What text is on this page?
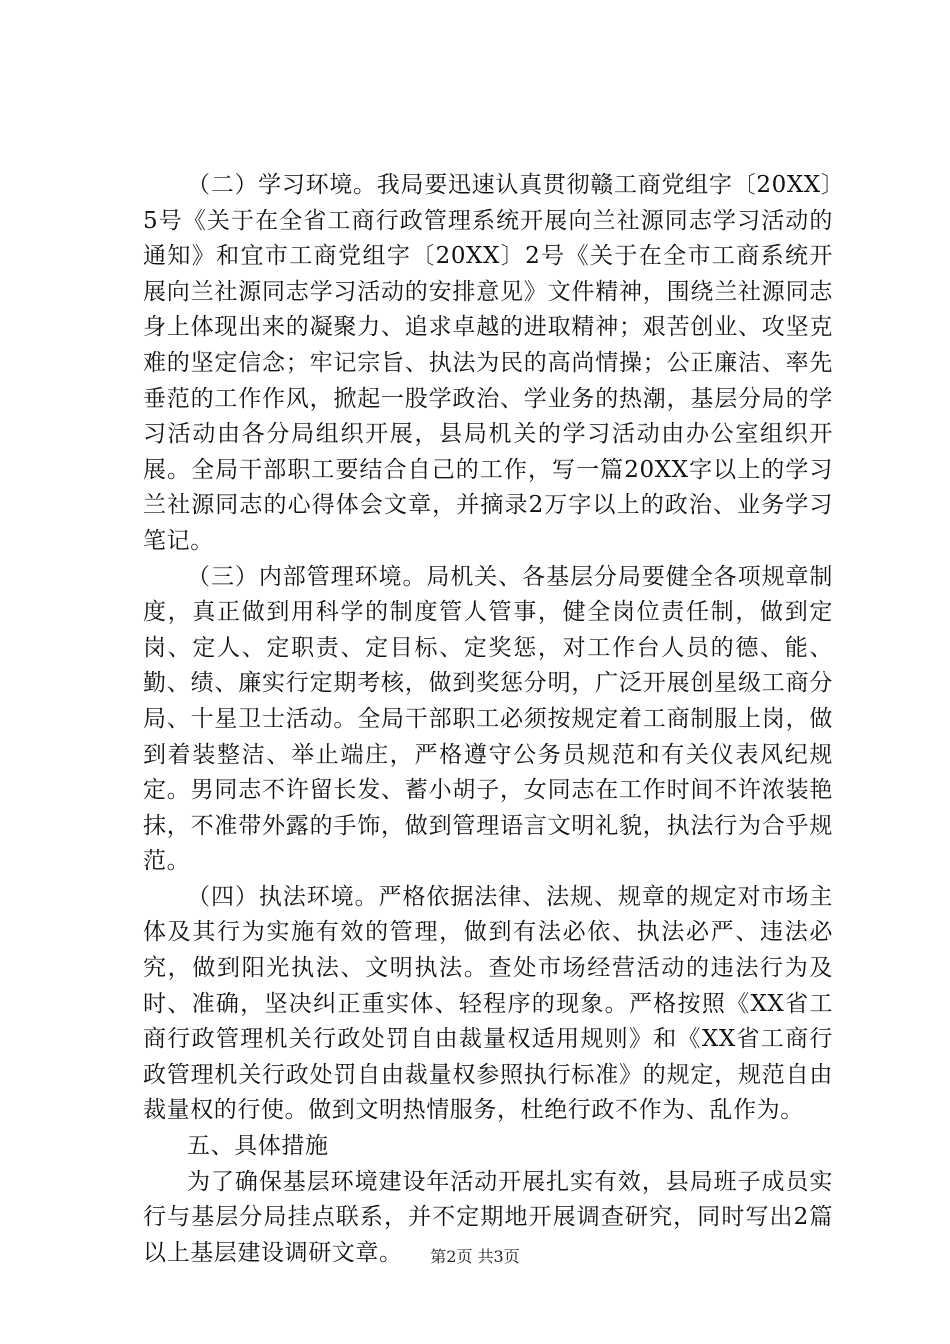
（二）学习环境。我局要迅速认真贯彻赣工商党组字〔20XX〕5号《关于在全省工商行政管理系统开展向兰社源同志学习活动的通知》和宜市工商党组字〔20XX〕2号《关于在全市工商系统开展向兰社源同志学习活动的安排意见》文件精神，围绕兰社源同志身上体现出来的凝聚力、追求卓越的进取精神；艰苦创业、攻坚克难的坚定信念；牢记宗旨、执法为民的高尚情操；公正廉洁、率先垂范的工作作风，掀起一股学政治、学业务的热潮，基层分局的学习活动由各分局组织开展，县局机关的学习活动由办公室组织开展。全局干部职工要结合自己的工作，写一篇20XX字以上的学习兰社源同志的心得体会文章，并摘录2万字以上的政治、业务学习笔记。

（三）内部管理环境。局机关、各基层分局要健全各项规章制度，真正做到用科学的制度管人管事，健全岗位责任制，做到定岗、定人、定职责、定目标、定奖惩，对工作台人员的德、能、勤、绩、廉实行定期考核，做到奖惩分明，广泛开展创星级工商分局、十星卫士活动。全局干部职工必须按规定着工商制服上岗，做到着装整洁、举止端庄，严格遵守公务员规范和有关仪表风纪规定。男同志不许留长发、蓄小胡子，女同志在工作时间不许浓装艳抹，不准带外露的手饰，做到管理语言文明礼貌，执法行为合乎规范。

（四）执法环境。严格依据法律、法规、规章的规定对市场主体及其行为实施有效的管理，做到有法必依、执法必严、违法必究，做到阳光执法、文明执法。查处市场经营活动的违法行为及时、准确，坚决纠正重实体、轻程序的现象。严格按照《XX省工商行政管理机关行政处罚自由裁量权适用规则》和《XX省工商行政管理机关行政处罚自由裁量权参照执行标准》的规定，规范自由裁量权的行使。做到文明热情服务，杜绝行政不作为、乱作为。

五、具体措施

为了确保基层环境建设年活动开展扎实有效，县局班子成员实行与基层分局挂点联系，并不定期地开展调查研究，同时写出2篇以上基层建设调研文章。	第2页 共3页
